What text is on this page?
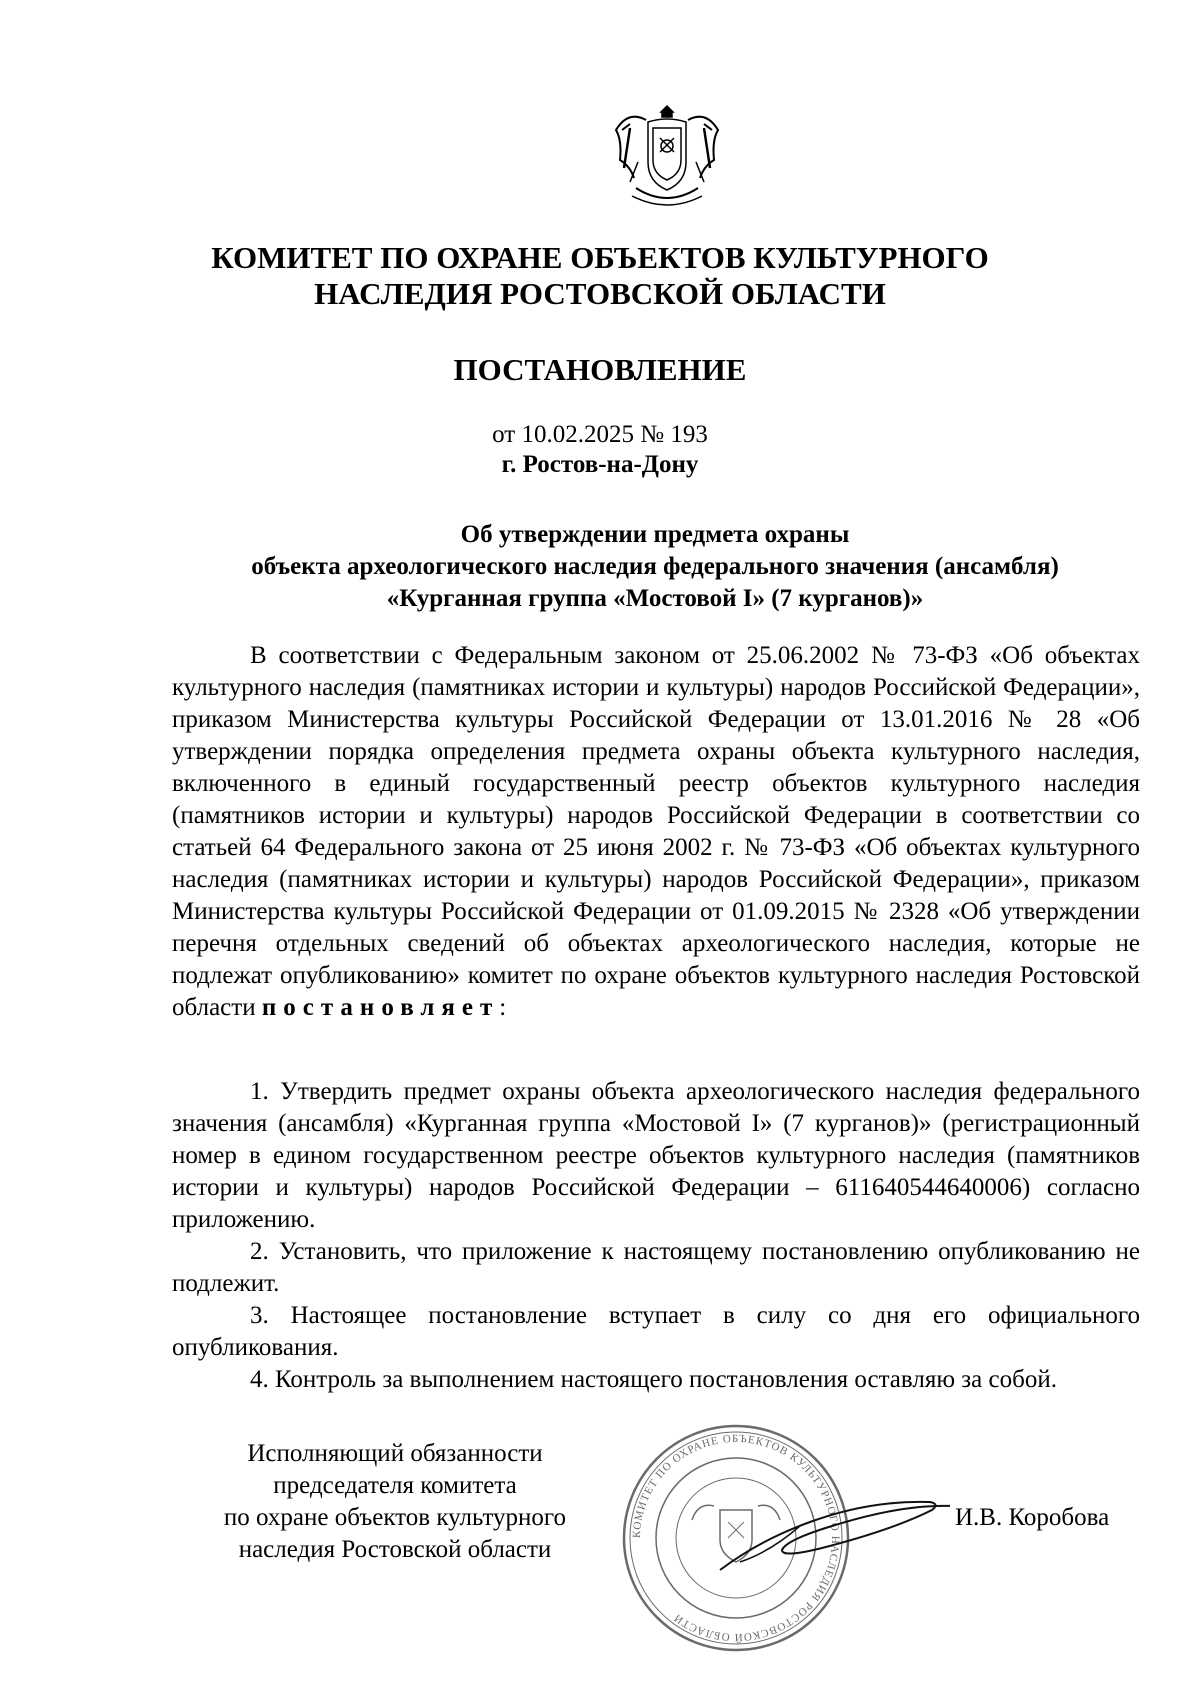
КОМИТЕТ ПО ОХРАНЕ ОБЪЕКТОВ КУЛЬТУРНОГО
НАСЛЕДИЯ РОСТОВСКОЙ ОБЛАСТИ
ПОСТАНОВЛЕНИЕ
от 10.02.2025 № 193
г. Ростов-на-Дону
Об утверждении предмета охраны
объекта археологического наследия федерального значения (ансамбля)
«Курганная группа «Мостовой I» (7 курганов)»

В соответствии с Федеральным законом от 25.06.2002 № 73-ФЗ «Об объектах культурного наследия (памятниках истории и культуры) народов Российской Федерации», приказом Министерства культуры Российской Федерации от 13.01.2016 № 28 «Об утверждении порядка определения предмета охраны объекта культурного наследия, включенного в единый государственный реестр объектов культурного наследия (памятников истории и культуры) народов Российской Федерации в соответствии со статьей 64 Федерального закона от 25 июня 2002 г. № 73-ФЗ «Об объектах культурного наследия (памятниках истории и культуры) народов Российской Федерации», приказом Министерства культуры Российской Федерации от 01.09.2015 № 2328 «Об утверждении перечня отдельных сведений об объектах археологического наследия, которые не подлежат опубликованию» комитет по охране объектов культурного наследия Ростовской области постановляет:

1. Утвердить предмет охраны объекта археологического наследия федерального значения (ансамбля) «Курганная группа «Мостовой I» (7 курганов)» (регистрационный номер в едином государственном реестре объектов культурного наследия (памятников истории и культуры) народов Российской Федерации – 611640544640006) согласно приложению.

2. Установить, что приложение к настоящему постановлению опубликованию не подлежит.

3. Настоящее постановление вступает в силу со дня его официального опубликования.

4. Контроль за выполнением настоящего постановления оставляю за собой.

Исполняющий обязанности
председателя комитета
по охране объектов культурного
наследия Ростовской области
КОМИТЕТ ПО ОХРАНЕ ОБЪЕКТОВ КУЛЬТУРНОГО НАСЛЕДИЯ РОСТОВСКОЙ ОБЛАСТИ
И.В. Коробова
